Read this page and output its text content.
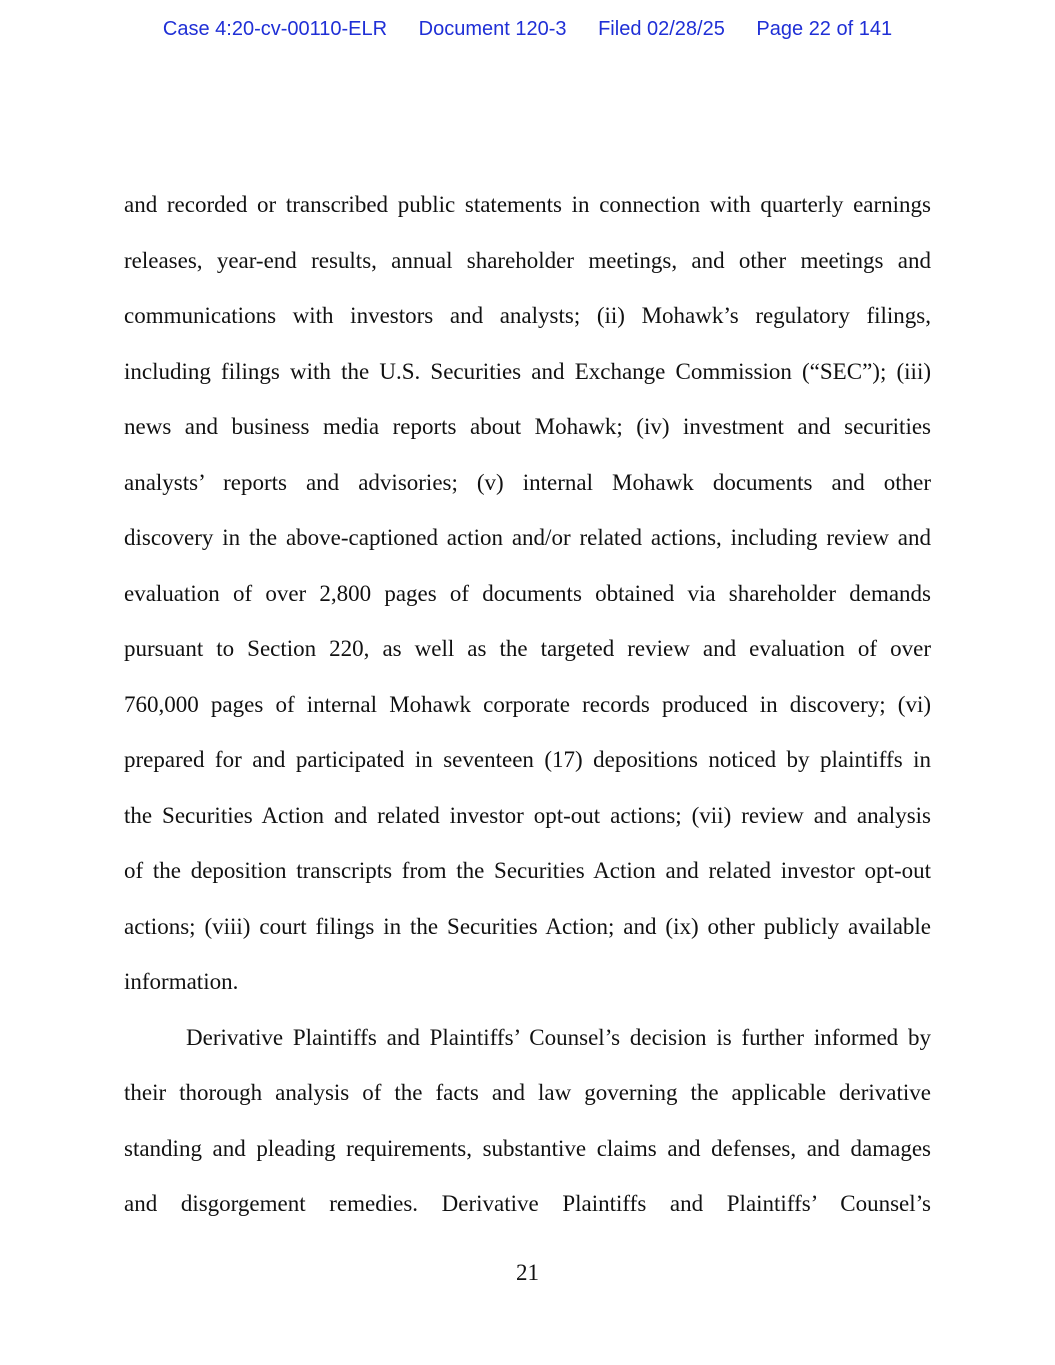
Case 4:20-cv-00110-ELR Document 120-3 Filed 02/28/25 Page 22 of 141
and recorded or transcribed public statements in connection with quarterly earnings
releases, year-end results, annual shareholder meetings, and other meetings and
communications with investors and analysts; (ii) Mohawk’s regulatory filings,
including filings with the U.S. Securities and Exchange Commission (“SEC”); (iii)
news and business media reports about Mohawk; (iv) investment and securities
analysts’ reports and advisories; (v) internal Mohawk documents and other
discovery in the above-captioned action and/or related actions, including review and
evaluation of over 2,800 pages of documents obtained via shareholder demands
pursuant to Section 220, as well as the targeted review and evaluation of over
760,000 pages of internal Mohawk corporate records produced in discovery; (vi)
prepared for and participated in seventeen (17) depositions noticed by plaintiffs in
the Securities Action and related investor opt-out actions; (vii) review and analysis
of the deposition transcripts from the Securities Action and related investor opt-out
actions; (viii) court filings in the Securities Action; and (ix) other publicly available
information.
Derivative Plaintiffs and Plaintiffs’ Counsel’s decision is further informed by
their thorough analysis of the facts and law governing the applicable derivative
standing and pleading requirements, substantive claims and defenses, and damages
and disgorgement remedies. Derivative Plaintiffs and Plaintiffs’ Counsel’s
21
